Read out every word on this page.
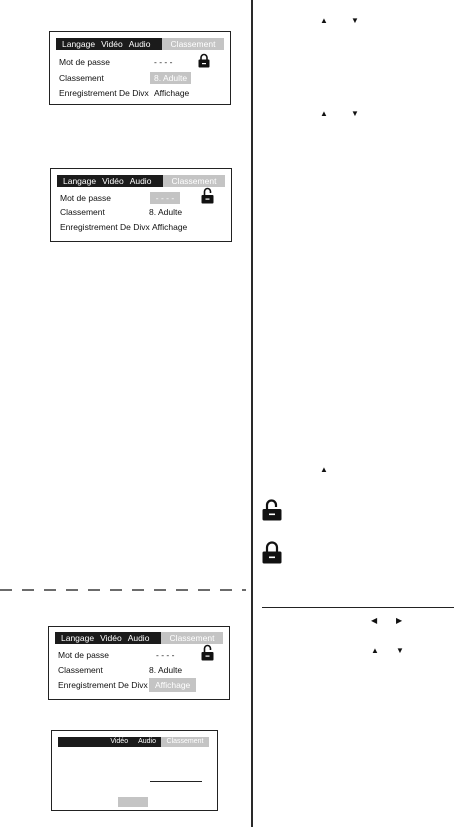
Langage Vidéo Audio	Classement
Mot de passe	- - - -
Classement	8. Adulte
Enregistrement De Divx Affichage
Langage Vidéo Audio	Classement
Mot de passe	- - - -
Classement	8. Adulte
Enregistrement De Divx Affichage
Langage Vidéo Audio	Classement
Mot de passe	- - - -
Classement	8. Adulte
Enregistrement De Divx Affichage
Vidéo	Audio	Classement
▲	▼
▲	▼
▲
◀ ▶
▲ ▼
